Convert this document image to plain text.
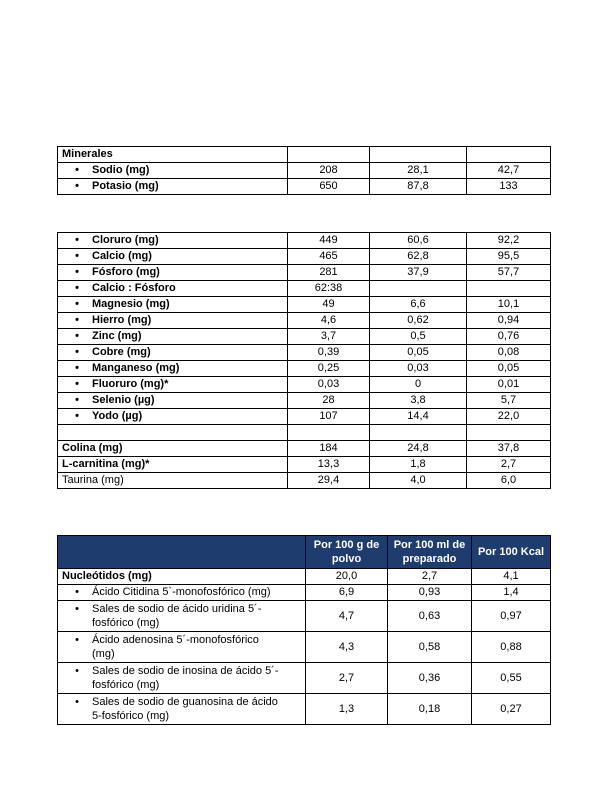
Minerales			
• Sodio (mg)	208	28,1	42,7
• Potasio (mg)	650	87,8	133
• Cloruro (mg)	449	60,6	92,2
• Calcio (mg)	465	62,8	95,5
• Fósforo (mg)	281	37,9	57,7
• Calcio : Fósforo	62:38		
• Magnesio (mg)	49	6,6	10,1
• Hierro (mg)	4,6	0,62	0,94
• Zinc (mg)	3,7	0,5	0,76
• Cobre (mg)	0,39	0,05	0,08
• Manganeso (mg)	0,25	0,03	0,05
• Fluoruro (mg)*	0,03	0	0,01
• Selenio (µg)	28	3,8	5,7
• Yodo (µg)	107	14,4	22,0

Colina (mg)	184	24,8	37,8
L-carnitina (mg)*	13,3	1,8	2,7
Taurina (mg)	29,4	4,0	6,0
	Por 100 g de polvo	Por 100 ml de preparado	Por 100 Kcal
Nucleótidos (mg)	20,0	2,7	4,1
• Ácido Citidina 5`-monofosfórico (mg)	6,9	0,93	1,4
• Sales de sodio de ácido uridina 5´-fosfórico (mg)	4,7	0,63	0,97
• Ácido adenosina 5´-monofosfórico (mg)	4,3	0,58	0,88
• Sales de sodio de inosina de ácido 5´-fosfórico (mg)	2,7	0,36	0,55
• Sales de sodio de guanosina de ácido 5-fosfórico (mg)	1,3	0,18	0,27
